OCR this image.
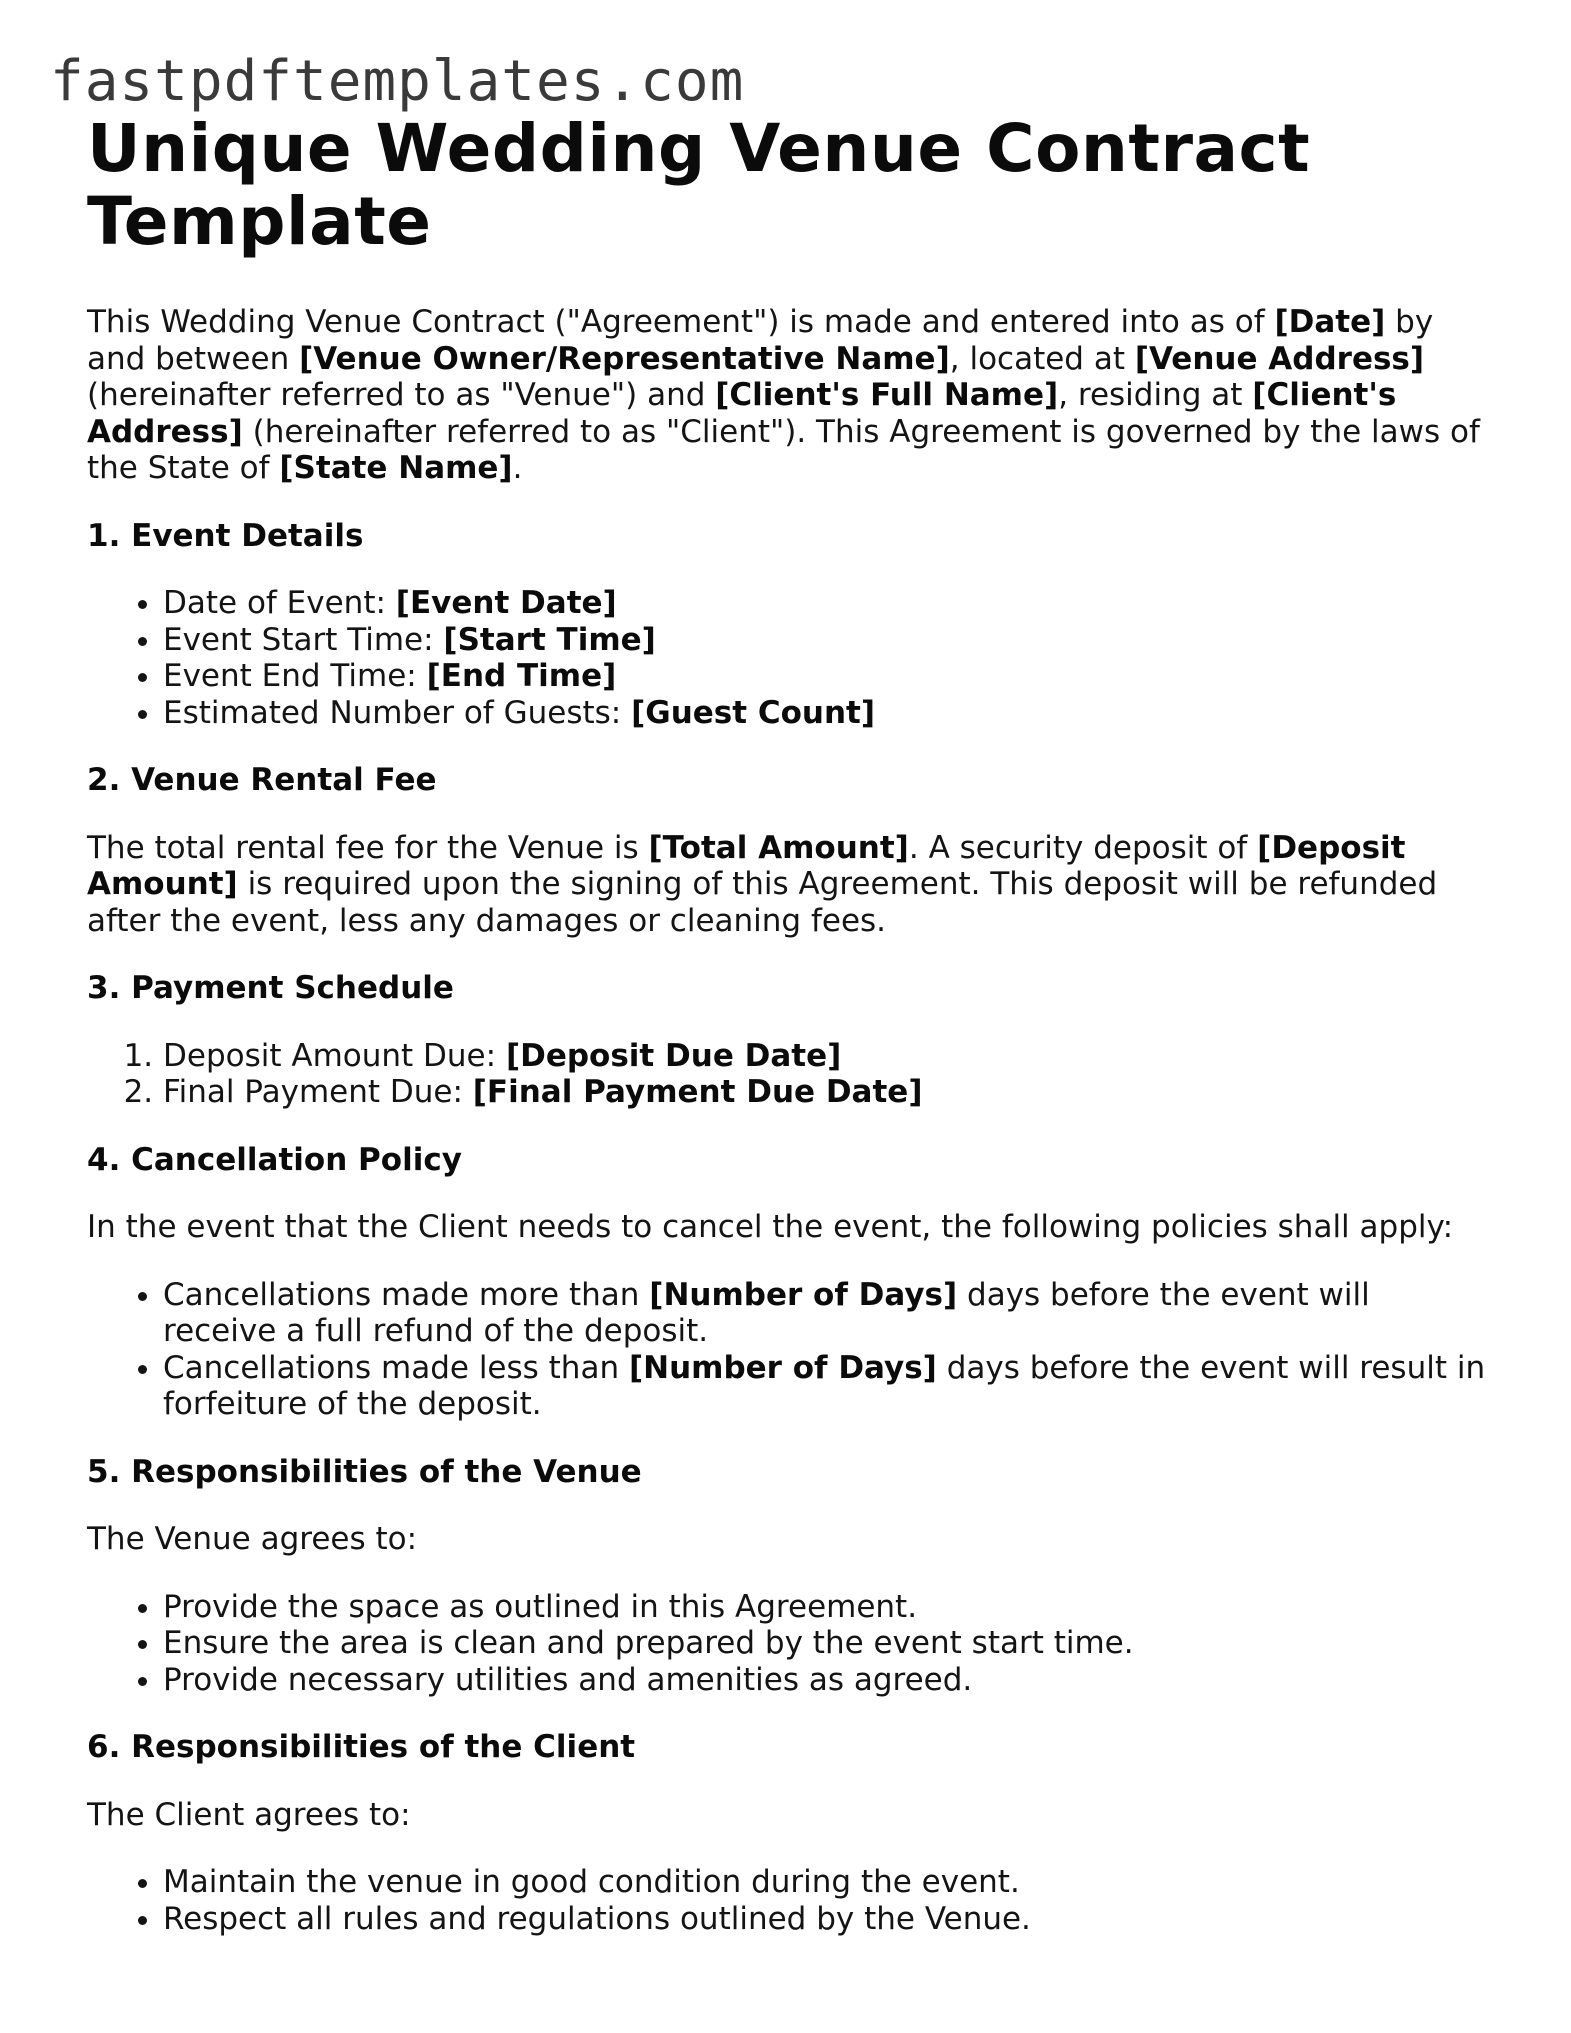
fastpdftemplates.com
Unique Wedding Venue Contract Template

This Wedding Venue Contract ("Agreement") is made and entered into as of [Date] by and between [Venue Owner/Representative Name], located at [Venue Address] (hereinafter referred to as "Venue") and [Client's Full Name], residing at [Client's Address] (hereinafter referred to as "Client"). This Agreement is governed by the laws of the State of [State Name].

1. Event Details
• Date of Event: [Event Date]
• Event Start Time: [Start Time]
• Event End Time: [End Time]
• Estimated Number of Guests: [Guest Count]
2. Venue Rental Fee

The total rental fee for the Venue is [Total Amount]. A security deposit of [Deposit Amount] is required upon the signing of this Agreement. This deposit will be refunded after the event, less any damages or cleaning fees.

3. Payment Schedule
1. Deposit Amount Due: [Deposit Due Date]
2. Final Payment Due: [Final Payment Due Date]
4. Cancellation Policy

In the event that the Client needs to cancel the event, the following policies shall apply:

• Cancellations made more than [Number of Days] days before the event will receive a full refund of the deposit.
• Cancellations made less than [Number of Days] days before the event will result in forfeiture of the deposit.
5. Responsibilities of the Venue

The Venue agrees to:

• Provide the space as outlined in this Agreement.
• Ensure the area is clean and prepared by the event start time.
• Provide necessary utilities and amenities as agreed.
6. Responsibilities of the Client

The Client agrees to:

• Maintain the venue in good condition during the event.
• Respect all rules and regulations outlined by the Venue.
